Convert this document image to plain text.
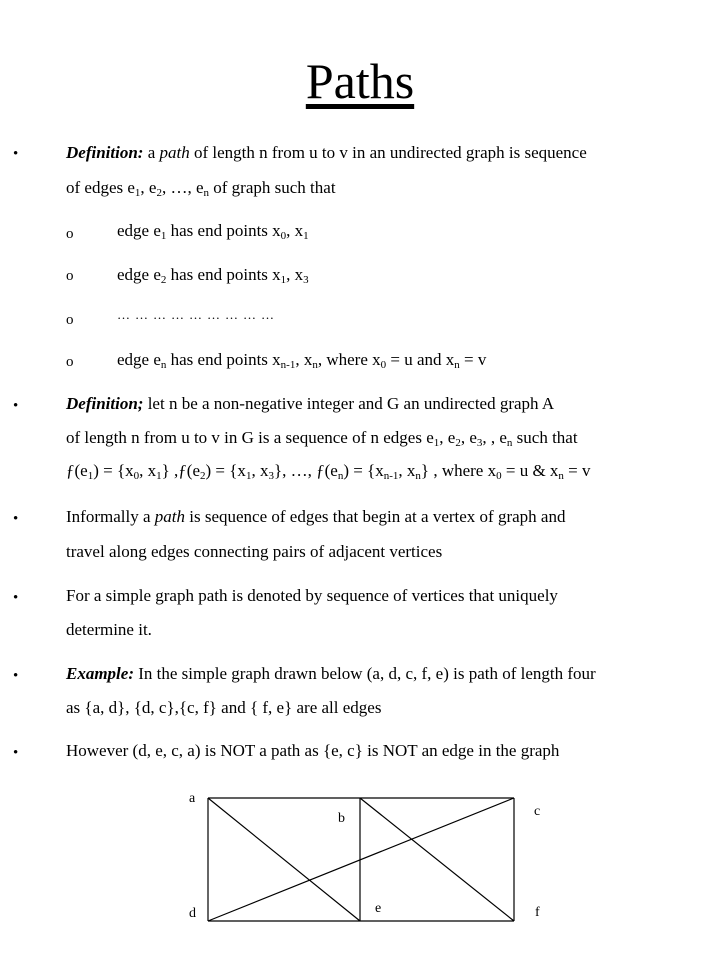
Paths
•	Definition: a path of length n from u to v in an undirected graph is sequence
of edges $e_1$, $e_2$, …, $e_n$ of graph such that
o	edge $e_1$ has end points $x_0$, $x_1$
o	edge $e_2$ has end points $x_1$, $x_3$
o	………………………
o	edge $e_n$ has end points $x_{n-1}$, $x_n$, where $x_0 = u$ and $x_n = v$
•	Definition; let n be a non-negative integer and G an undirected graph A
of length n from u to v in G is a sequence of n edges $e_1$, $e_2$, $e_3$, , $e_n$ such that
$ƒ(e_1) = \{x_0$, $x_1$} $,ƒ(e_2) = \{x_1$, $x_3$}, …, $ƒ(e_n) = \{x_{n-1}$, $x_n$} , where $x_0 = u$ & $x_n = v$
•	Informally a path is sequence of edges that begin at a vertex of graph and
travel along edges connecting pairs of adjacent vertices
•	For a simple graph path is denoted by sequence of vertices that uniquely
determine it.
•	Example: In the simple graph drawn below (a, d, c, f, e) is path of length four
as {a, d}, {d, c},{c, f} and { f, e} are all edges
•	However (d, e, c, a) is NOT a path as {e, c} is NOT an edge in the graph
a
b	c
d	e	f
